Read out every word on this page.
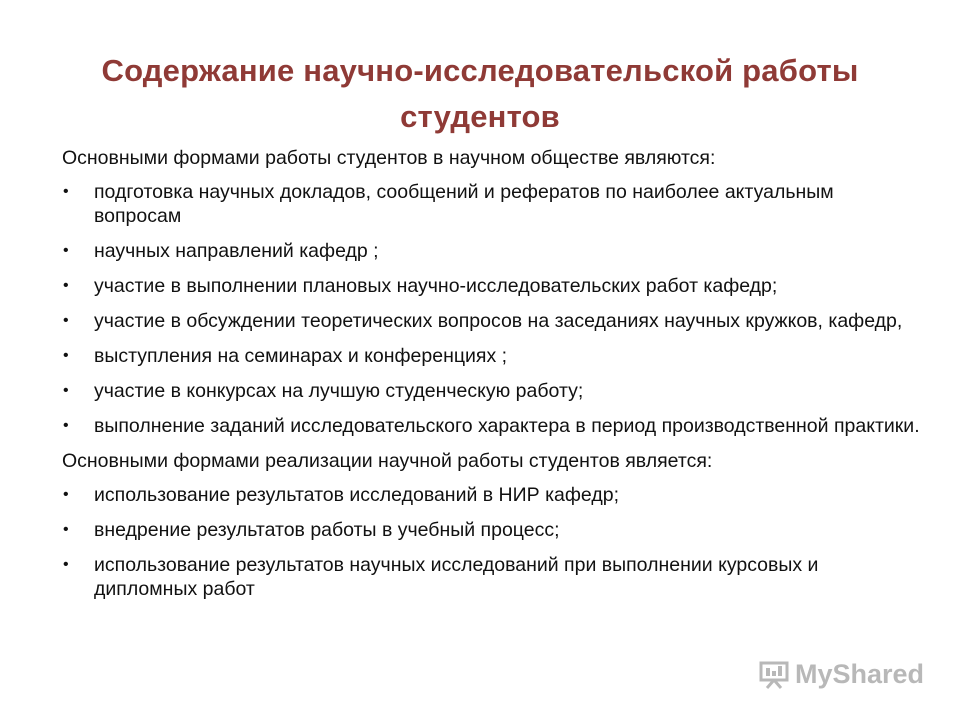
Содержание научно-исследовательской работы
студентов
Основными формами работы студентов в научном обществе являются:
• подготовка научных докладов, сообщений и рефератов по наиболее актуальным вопросам
• научных направлений кафедр ;
• участие в выполнении плановых научно-исследовательских работ кафедр;
• участие в обсуждении теоретических вопросов на заседаниях научных кружков, кафедр,
• выступления на семинарах и конференциях ;
• участие в конкурсах на лучшую студенческую работу;
• выполнение заданий исследовательского характера в период производственной практики.
Основными формами реализации научной работы студентов является:
• использование результатов исследований в НИР кафедр;
• внедрение результатов работы в учебный процесс;
• использование результатов научных исследований при выполнении курсовых и дипломных работ
MyShared
